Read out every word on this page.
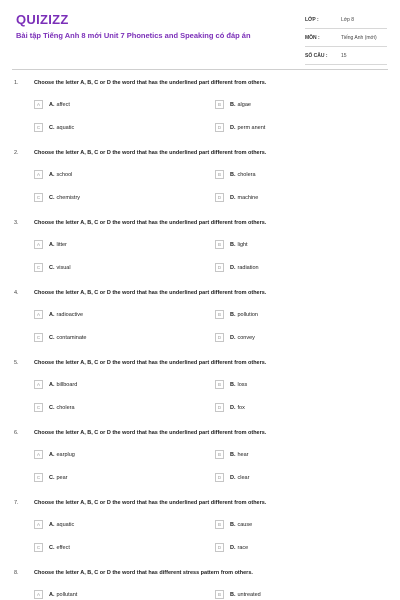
QUIZIZZ
Bài tập Tiếng Anh 8 mới Unit 7 Phonetics and Speaking có đáp án
LỚP :	Lớp 8
MÔN :	Tiếng Anh (mới)
SỐ CÂU :	15
1.	Choose the letter A, B, C or D the word that has the underlined part different from others.
A	A. affect	B	B. algae
C	C. aquatic	D	D. perm anent
2.	Choose the letter A, B, C or D the word that has the underlined part different from others.
A	A. school	B	B. cholera
C	C. chemistry	D	D. machine
3.	Choose the letter A, B, C or D the word that has the underlined part different from others.
A	A. litter	B	B. light
C	C. visual	D	D. radiation
4.	Choose the letter A, B, C or D the word that has the underlined part different from others.
A	A. radioactive	B	B. pollution
C	C. contaminate	D	D. convey
5.	Choose the letter A, B, C or D the word that has the underlined part different from others.
A	A. billboard	B	B. loss
C	C. cholera	D	D. fox
6.	Choose the letter A, B, C or D the word that has the underlined part different from others.
A	A. earplug	B	B. hear
C	C. pear	D	D. clear
7.	Choose the letter A, B, C or D the word that has the underlined part different from others.
A	A. aquatic	B	B. cause
C	C. effect	D	D. race
8.	Choose the letter A, B, C or D the word that has different stress pattern from others.
A	A. pollutant	B	B. untreated
